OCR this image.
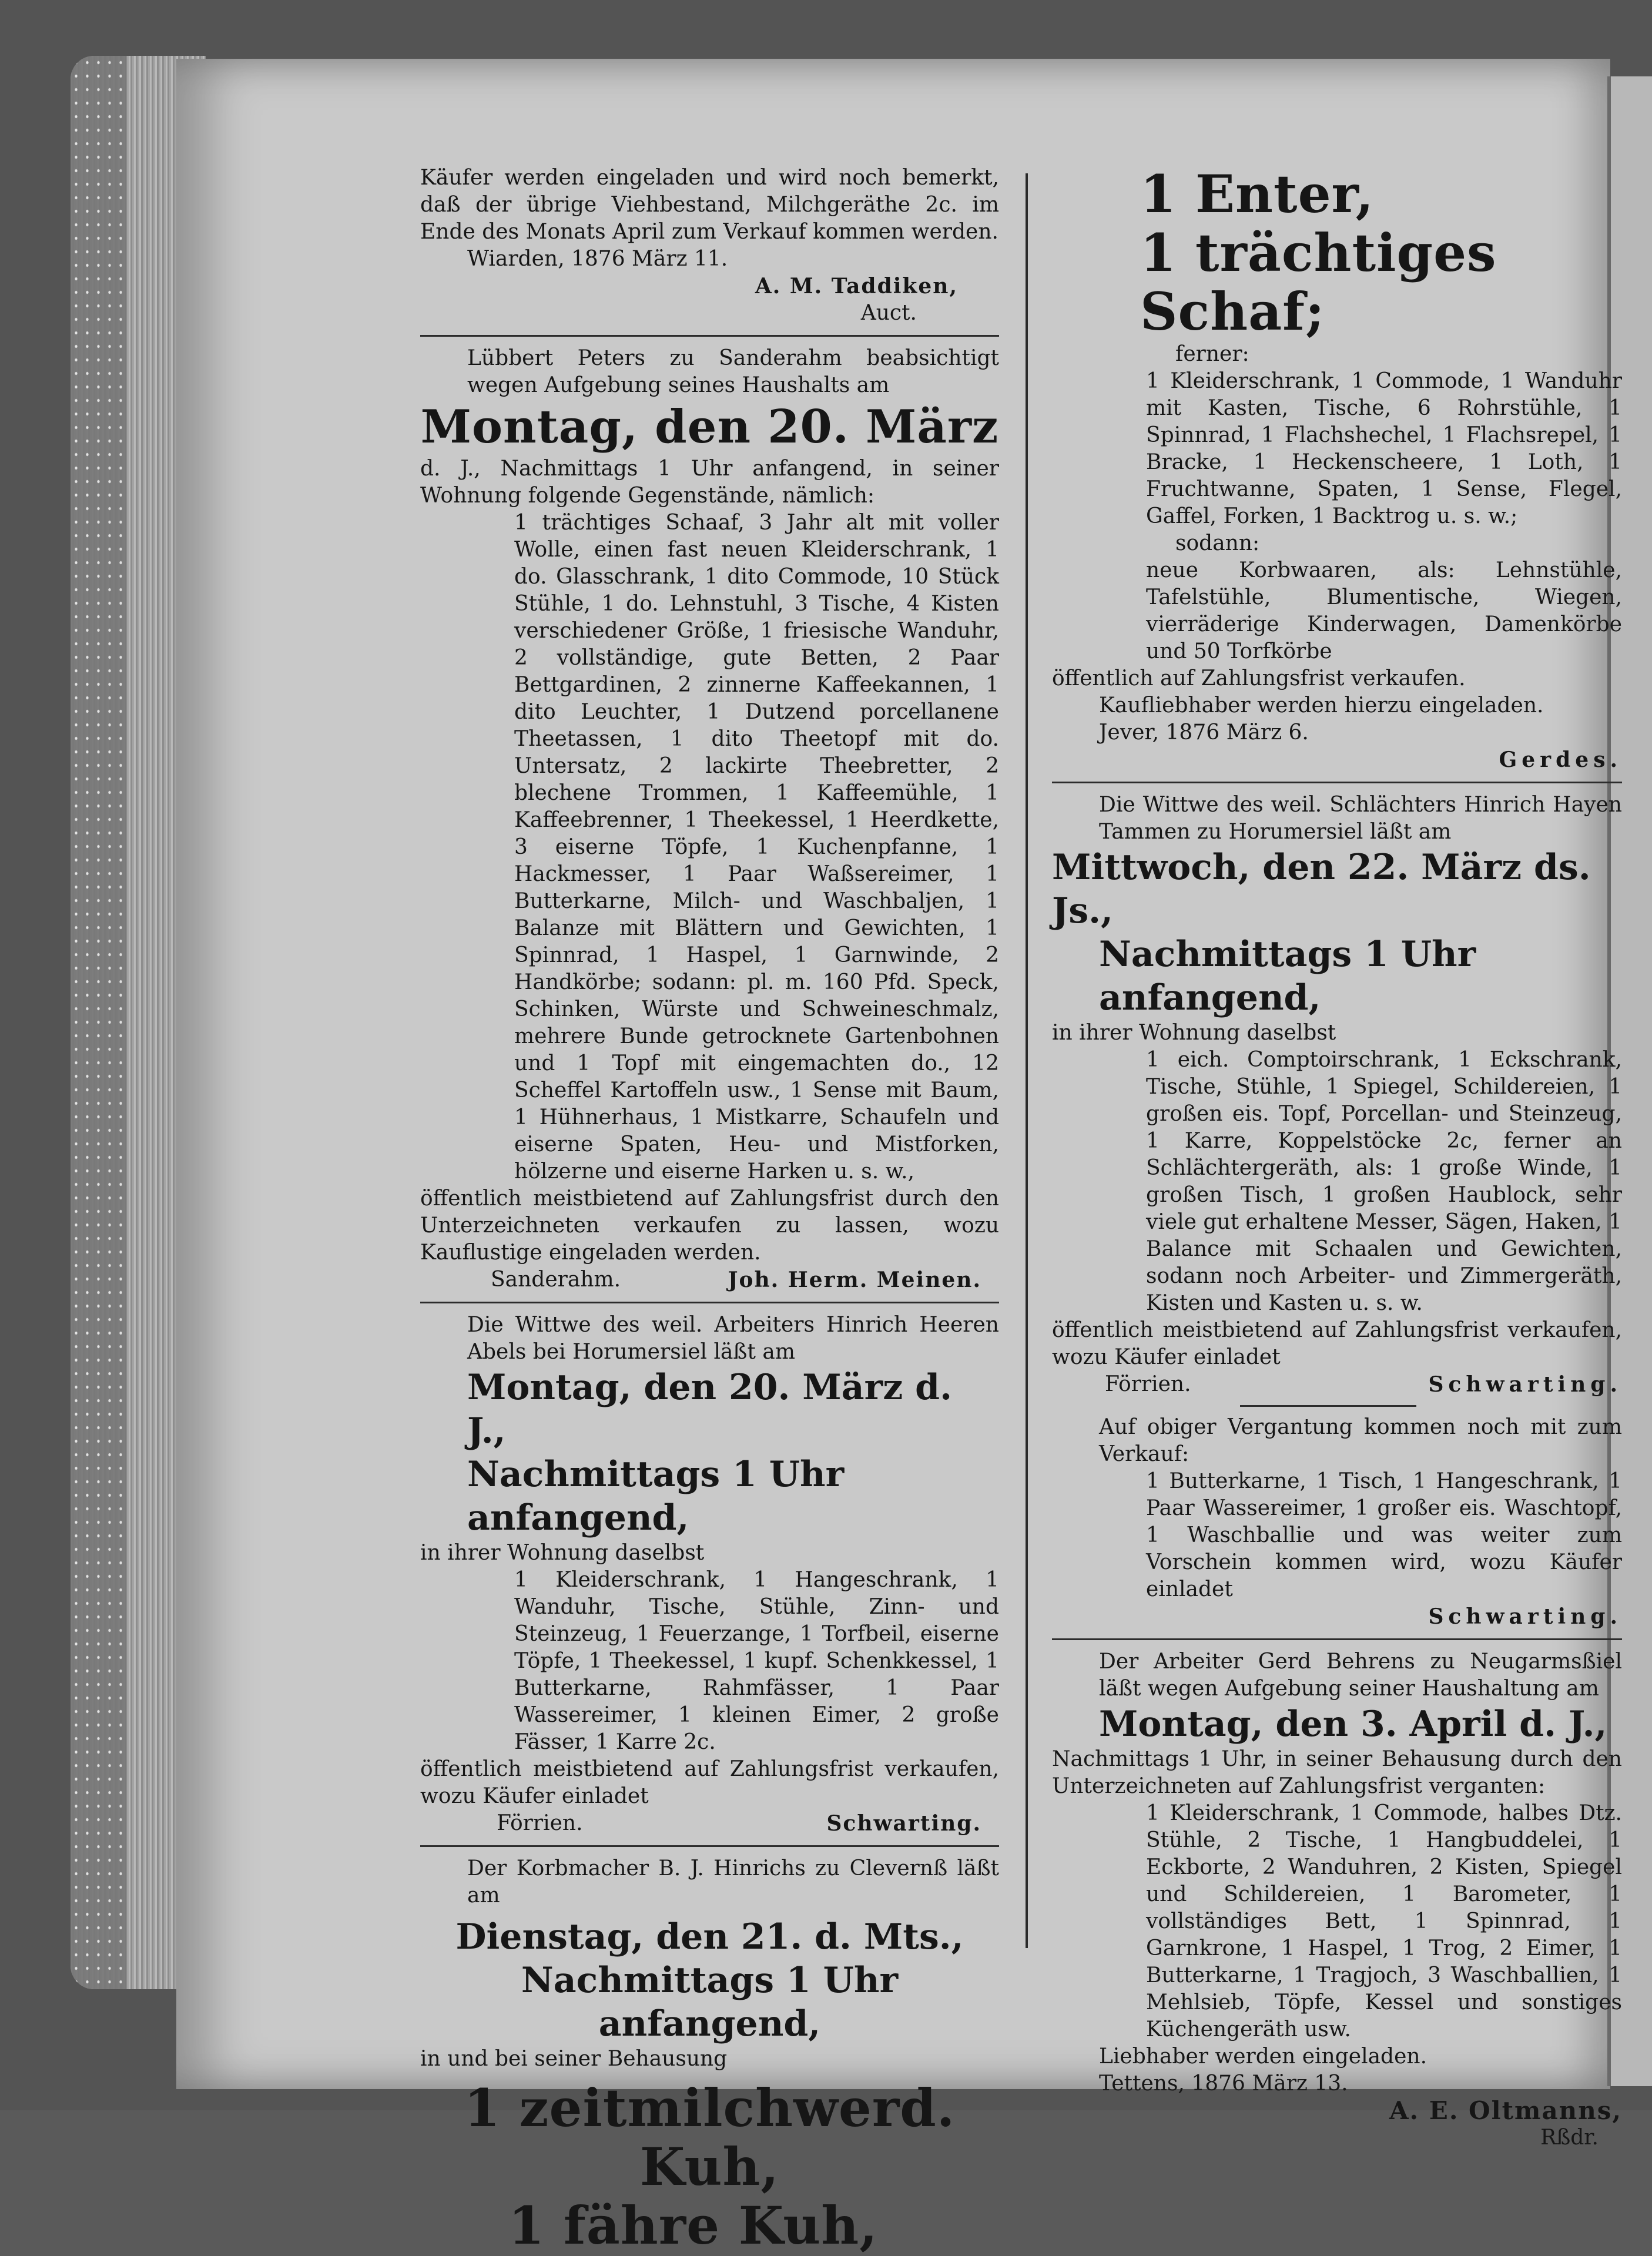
Käufer werden eingeladen und wird noch bemerkt, daß der übrige Viehbestand, Milchgeräthe 2c. im Ende des Monats April zum Verkauf kommen werden.

Wiarden, 1876 März 11.

A. M. Taddiken,

Auct.

Lübbert Peters zu Sanderahm beabsichtigt wegen Aufgebung seines Haushalts am

Montag, den 20. März

d. J., Nachmittags 1 Uhr anfangend, in seiner Wohnung folgende Gegenstände, nämlich:

1 trächtiges Schaaf, 3 Jahr alt mit voller Wolle, einen fast neuen Kleiderschrank, 1 do. Glasschrank, 1 dito Commode, 10 Stück Stühle, 1 do. Lehnstuhl, 3 Tische, 4 Kisten verschiedener Größe, 1 friesische Wanduhr, 2 vollständige, gute Betten, 2 Paar Bettgardinen, 2 zinnerne Kaffeekannen, 1 dito Leuchter, 1 Dutzend porcellanene Theetassen, 1 dito Theetopf mit do. Untersatz, 2 lackirte Theebretter, 2 blechene Trommen, 1 Kaffeemühle, 1 Kaffeebrenner, 1 Theekessel, 1 Heerdkette, 3 eiserne Töpfe, 1 Kuchenpfanne, 1 Hackmesser, 1 Paar Waßsereimer, 1 Butterkarne, Milch- und Waschbaljen, 1 Balanze mit Blättern und Gewichten, 1 Spinnrad, 1 Haspel, 1 Garnwinde, 2 Handkörbe; sodann: pl. m. 160 Pfd. Speck, Schinken, Würste und Schweineschmalz, mehrere Bunde getrocknete Gartenbohnen und 1 Topf mit eingemachten do., 12 Scheffel Kartoffeln usw., 1 Sense mit Baum, 1 Hühnerhaus, 1 Mistkarre, Schaufeln und eiserne Spaten, Heu- und Mistforken, hölzerne und eiserne Harken u. s. w.,

öffentlich meistbietend auf Zahlungsfrist durch den Unterzeichneten verkaufen zu lassen, wozu Kauflustige eingeladen werden.

Sanderahm.	Joh. Herm. Meinen.

Die Wittwe des weil. Arbeiters Hinrich Heeren Abels bei Horumersiel läßt am

Montag, den 20. März d. J.,

Nachmittags 1 Uhr anfangend,

in ihrer Wohnung daselbst

1 Kleiderschrank, 1 Hangeschrank, 1 Wanduhr, Tische, Stühle, Zinn- und Steinzeug, 1 Feuerzange, 1 Torfbeil, eiserne Töpfe, 1 Theekessel, 1 kupf. Schenkkessel, 1 Butterkarne, Rahmfässer, 1 Paar Wassereimer, 1 kleinen Eimer, 2 große Fässer, 1 Karre 2c.

öffentlich meistbietend auf Zahlungsfrist verkaufen, wozu Käufer einladet

Förrien.	Schwarting.

Der Korbmacher B. J. Hinrichs zu Clevernß läßt am

Dienstag, den 21. d. Mts.,

Nachmittags 1 Uhr anfangend,

in und bei seiner Behausung

1 zeitmilchwerd. Kuh,

1 fähre Kuh,

1 Enter,

1 trächtiges Schaf;

ferner:

1 Kleiderschrank, 1 Commode, 1 Wanduhr mit Kasten, Tische, 6 Rohrstühle, 1 Spinnrad, 1 Flachshechel, 1 Flachsrepel, 1 Bracke, 1 Heckenscheere, 1 Loth, 1 Fruchtwanne, Spaten, 1 Sense, Flegel, Gaffel, Forken, 1 Backtrog u. s. w.;

sodann:

neue Korbwaaren, als: Lehnstühle, Tafelstühle, Blumentische, Wiegen, vierräderige Kinderwagen, Damenkörbe und 50 Torfkörbe

öffentlich auf Zahlungsfrist verkaufen.

Kaufliebhaber werden hierzu eingeladen.

Jever, 1876 März 6.

Gerdes.

Die Wittwe des weil. Schlächters Hinrich Hayen Tammen zu Horumersiel läßt am

Mittwoch, den 22. März ds. Js.,

Nachmittags 1 Uhr anfangend,

in ihrer Wohnung daselbst

1 eich. Comptoirschrank, 1 Eckschrank, Tische, Stühle, 1 Spiegel, Schildereien, 1 großen eis. Topf, Porcellan- und Steinzeug, 1 Karre, Koppelstöcke 2c, ferner an Schlächtergeräth, als: 1 große Winde, 1 großen Tisch, 1 großen Haublock, sehr viele gut erhaltene Messer, Sägen, Haken, 1 Balance mit Schaalen und Gewichten, sodann noch Arbeiter- und Zimmergeräth, Kisten und Kasten u. s. w.

öffentlich meistbietend auf Zahlungsfrist verkaufen, wozu Käufer einladet

Förrien.	Schwarting.

Auf obiger Vergantung kommen noch mit zum Verkauf:

1 Butterkarne, 1 Tisch, 1 Hangeschrank, 1 Paar Wassereimer, 1 großer eis. Waschtopf, 1 Waschballie und was weiter zum Vorschein kommen wird, wozu Käufer einladet

Schwarting.

Der Arbeiter Gerd Behrens zu Neugarmsßiel läßt wegen Aufgebung seiner Haushaltung am

Montag, den 3. April d. J.,

Nachmittags 1 Uhr, in seiner Behausung durch den Unterzeichneten auf Zahlungsfrist verganten:

1 Kleiderschrank, 1 Commode, halbes Dtz. Stühle, 2 Tische, 1 Hangbuddelei, 1 Eckborte, 2 Wanduhren, 2 Kisten, Spiegel und Schildereien, 1 Barometer, 1 vollständiges Bett, 1 Spinnrad, 1 Garnkrone, 1 Haspel, 1 Trog, 2 Eimer, 1 Butterkarne, 1 Tragjoch, 3 Waschballien, 1 Mehlsieb, Töpfe, Kessel und sonstiges Küchengeräth usw.

Liebhaber werden eingeladen.

Tettens, 1876 März 13.

A. E. Oltmanns,

Rßdr.
